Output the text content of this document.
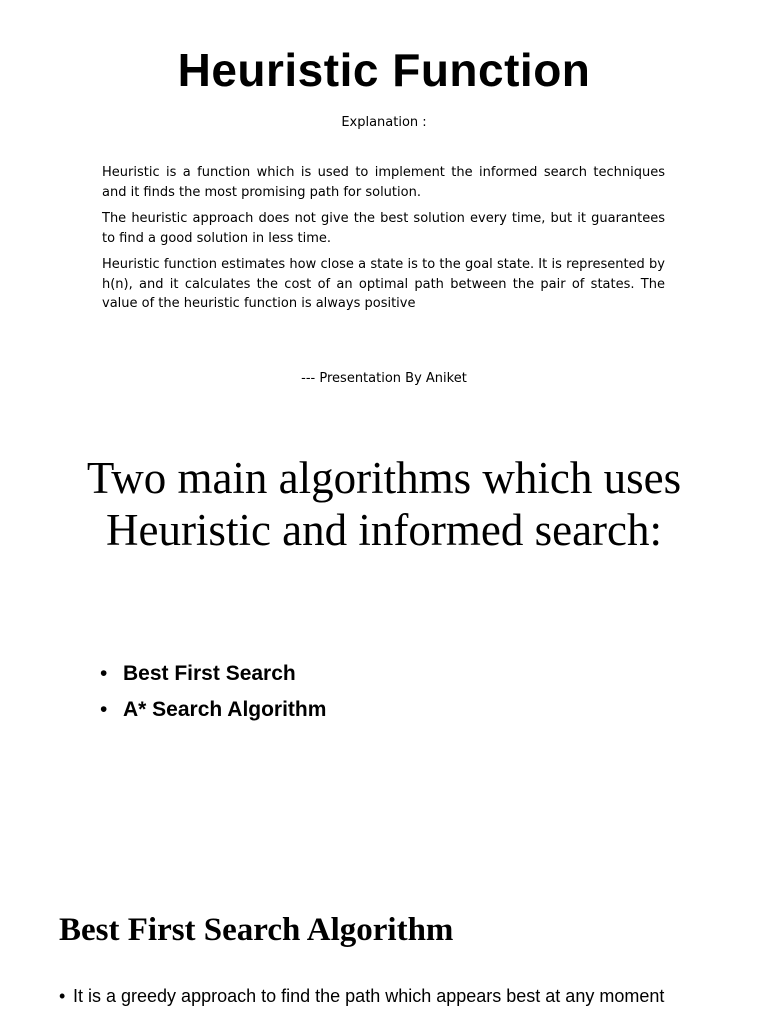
Heuristic Function
Explanation :

Heuristic is a function which is used to implement the informed search techniques and it finds the most promising path for solution.

The heuristic approach does not give the best solution every time, but it guarantees to find a good solution in less time.

Heuristic function estimates how close a state is to the goal state. It is represented by h(n), and it calculates the cost of an optimal path between the pair of states. The value of the heuristic function is always positive

--- Presentation By Aniket
Two main algorithms which uses Heuristic and informed search:
• Best First Search
• A* Search Algorithm
Best First Search Algorithm
• It is a greedy approach to find the path which appears best at any moment
